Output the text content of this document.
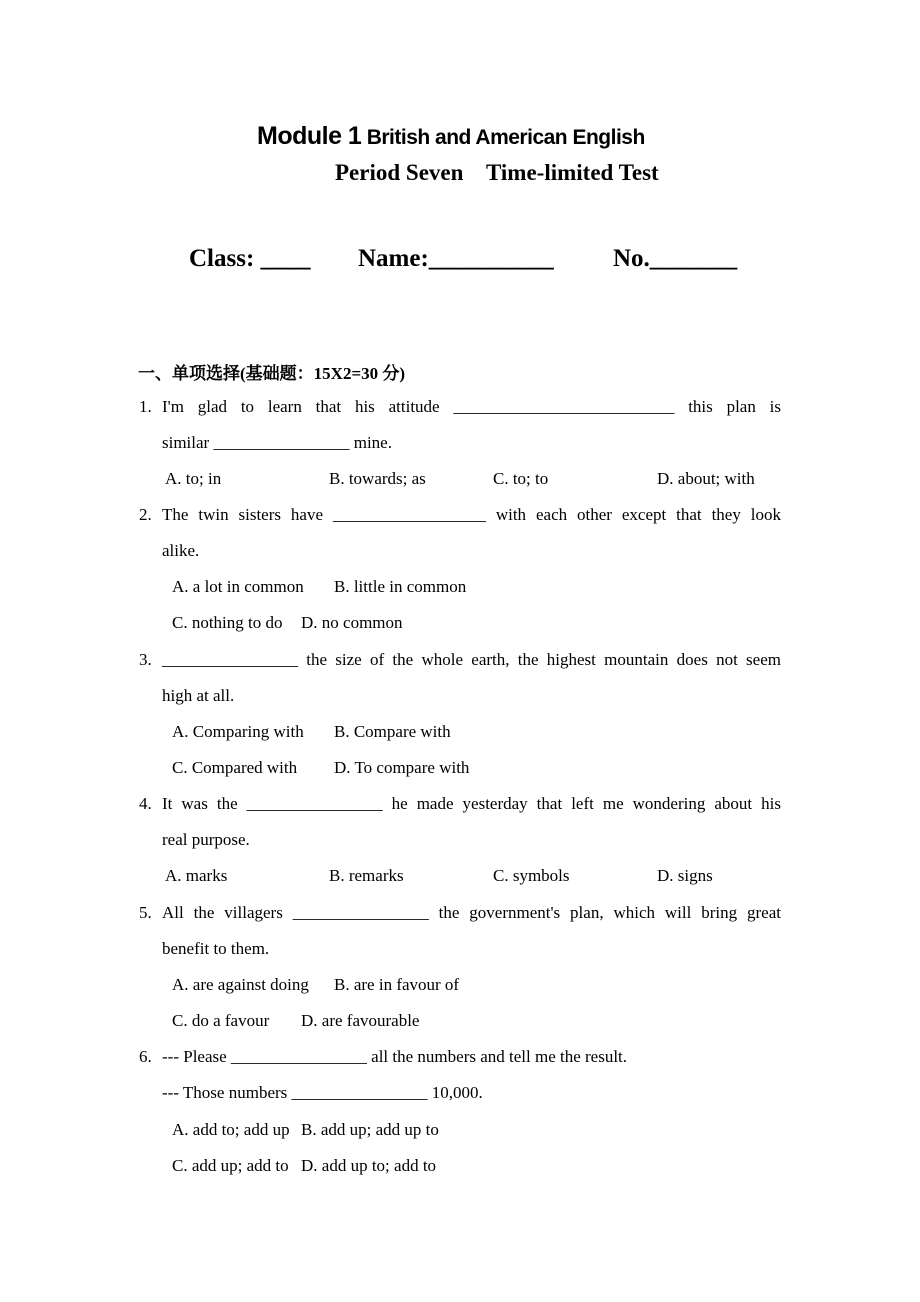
Module 1 British and American English
Period Seven    Time-limited Test
Class: ____ Name:__________ No._______
一、单项选择(基础题：15X2=30 分)
1. I'm glad to learn that his attitude __________________________ this plan is
similar ________________ mine.
A. to; in	B. towards; as	C. to; to	D. about; with
2. The twin sisters have __________________ with each other except that they look
alike.
A. a lot in common B. little in common
C. nothing to do D. no common
3. ________________ the size of the whole earth, the highest mountain does not seem
high at all.
A. Comparing with B. Compare with
C. Compared with D. To compare with
4. It was the ________________ he made yesterday that left me wondering about his
real purpose.
A. marks	B. remarks	C. symbols	D. signs
5. All the villagers ________________ the government's plan, which will bring great
benefit to them.
A. are against doing B. are in favour of
C. do a favour D. are favourable
6. --- Please ________________ all the numbers and tell me the result.
--- Those numbers ________________ 10,000.
A. add to; add up B. add up; add up to
C. add up; add to D. add up to; add to
